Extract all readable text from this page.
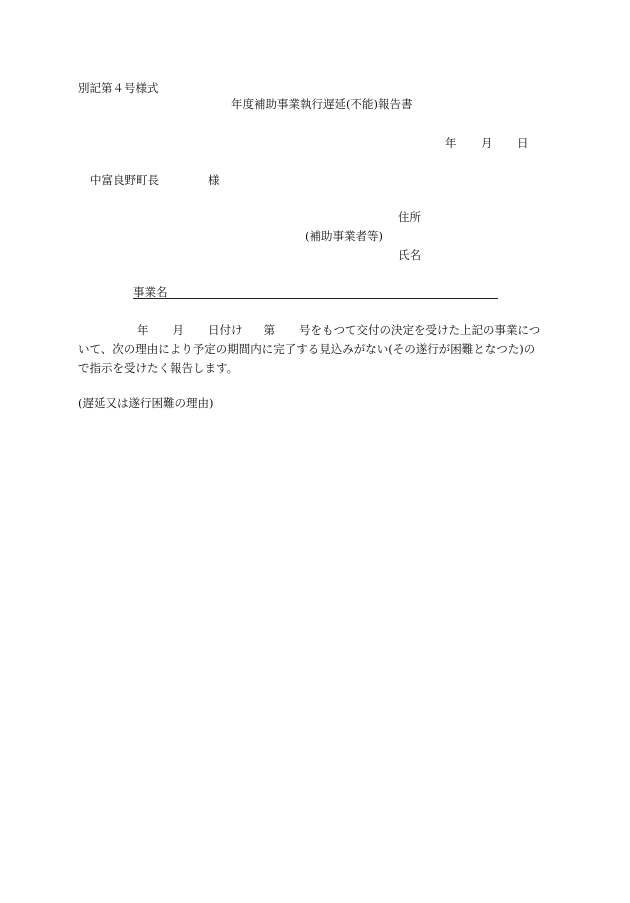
別記第４号様式
年度補助事業執行遅延(不能)報告書
年 月 日
中富良野町長	様
住所
(補助事業者等)
氏名
事業名
年 月 日付け 第 号をもつて交付の決定を受けた上記の事業につ
いて、次の理由により予定の期間内に完了する見込みがない(その遂行が困難となつた)の
で指示を受けたく報告します。
(遅延又は遂行困難の理由)
